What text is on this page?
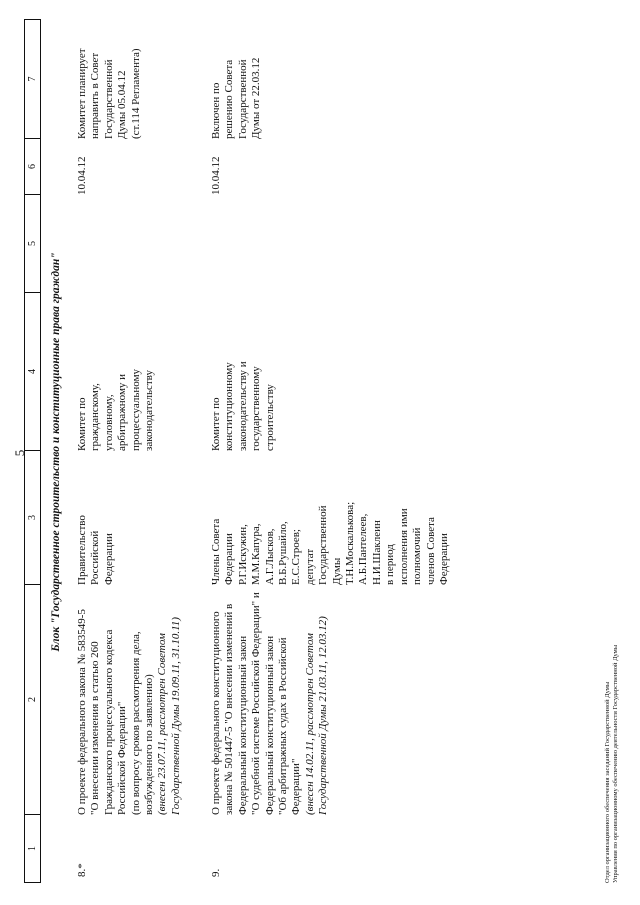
5
1
2
3
4
5
6
7
Блок "Государственное строительство и конституционные права граждан"
8.*
О проекте федерального закона № 583549-5 "О внесении изменения в статью 260 Гражданского процессуального кодекса Российской Федерации" (по вопросу сроков рассмотрения дела, возбужденного по заявлению) (внесен 23.07.11, рассмотрен Советом Государственной Думы 19.09.11, 31.10.11)
Правительство Российской Федерации
Комитет по гражданскому, уголовному, арбитражному и процессуальному законодательству
10.04.12
Комитет планирует направить в Совет Государственной Думы 05.04.12 (ст.114 Регламента)
9.
О проекте федерального конституционного закона № 501447-5 "О внесении изменений в Федеральный конституционный закон "О судебной системе Российской Федерации" и Федеральный конституционный закон "Об арбитражных судах в Российской Федерации" (внесен 14.02.11, рассмотрен Советом Государственной Думы 21.03.11, 12.03.12)
Члены Совета Федерации Р.Г.Искужин, М.М.Капура, А.Г.Лысков, В.Б.Рушайло, Е.С.Строев; депутат Государственной Думы Т.Н.Москалькова; А.Б.Пантелеев, Н.И.Шаклеин в период исполнения ими полномочий членов Совета Федерации
Комитет по конституционному законодательству и государственному строительству
10.04.12
Включен по решению Совета Государственной Думы от 22.03.12
Отдел организационного обеспечения заседаний Государственной Думы Управления по организационному обеспечению деятельности Государственной Думы
